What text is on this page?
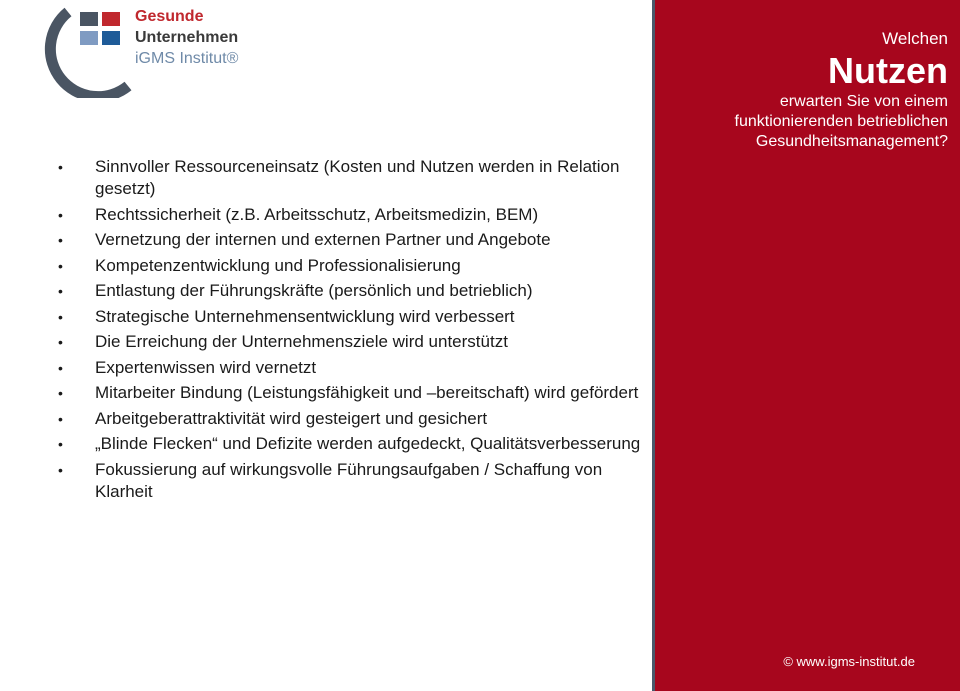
Gesunde
Unternehmen
iGMS Institut®
• Sinnvoller Ressourceneinsatz (Kosten und Nutzen werden in Relation gesetzt)
• Rechtssicherheit (z.B. Arbeitsschutz, Arbeitsmedizin, BEM)
• Vernetzung der internen und externen Partner und Angebote
• Kompetenzentwicklung und Professionalisierung
• Entlastung der Führungskräfte (persönlich und betrieblich)
• Strategische Unternehmensentwicklung wird verbessert
• Die Erreichung der Unternehmensziele wird unterstützt
• Expertenwissen wird vernetzt
• Mitarbeiter Bindung (Leistungsfähigkeit und –bereitschaft) wird gefördert
• Arbeitgeberattraktivität wird gesteigert und gesichert
• „Blinde Flecken“ und Defizite werden aufgedeckt, Qualitätsverbesserung
• Fokussierung auf wirkungsvolle Führungsaufgaben / Schaffung von Klarheit
Welchen
Nutzen
erwarten Sie von einem funktionierenden betrieblichen Gesundheitsmanagement?
© www.igms-institut.de
